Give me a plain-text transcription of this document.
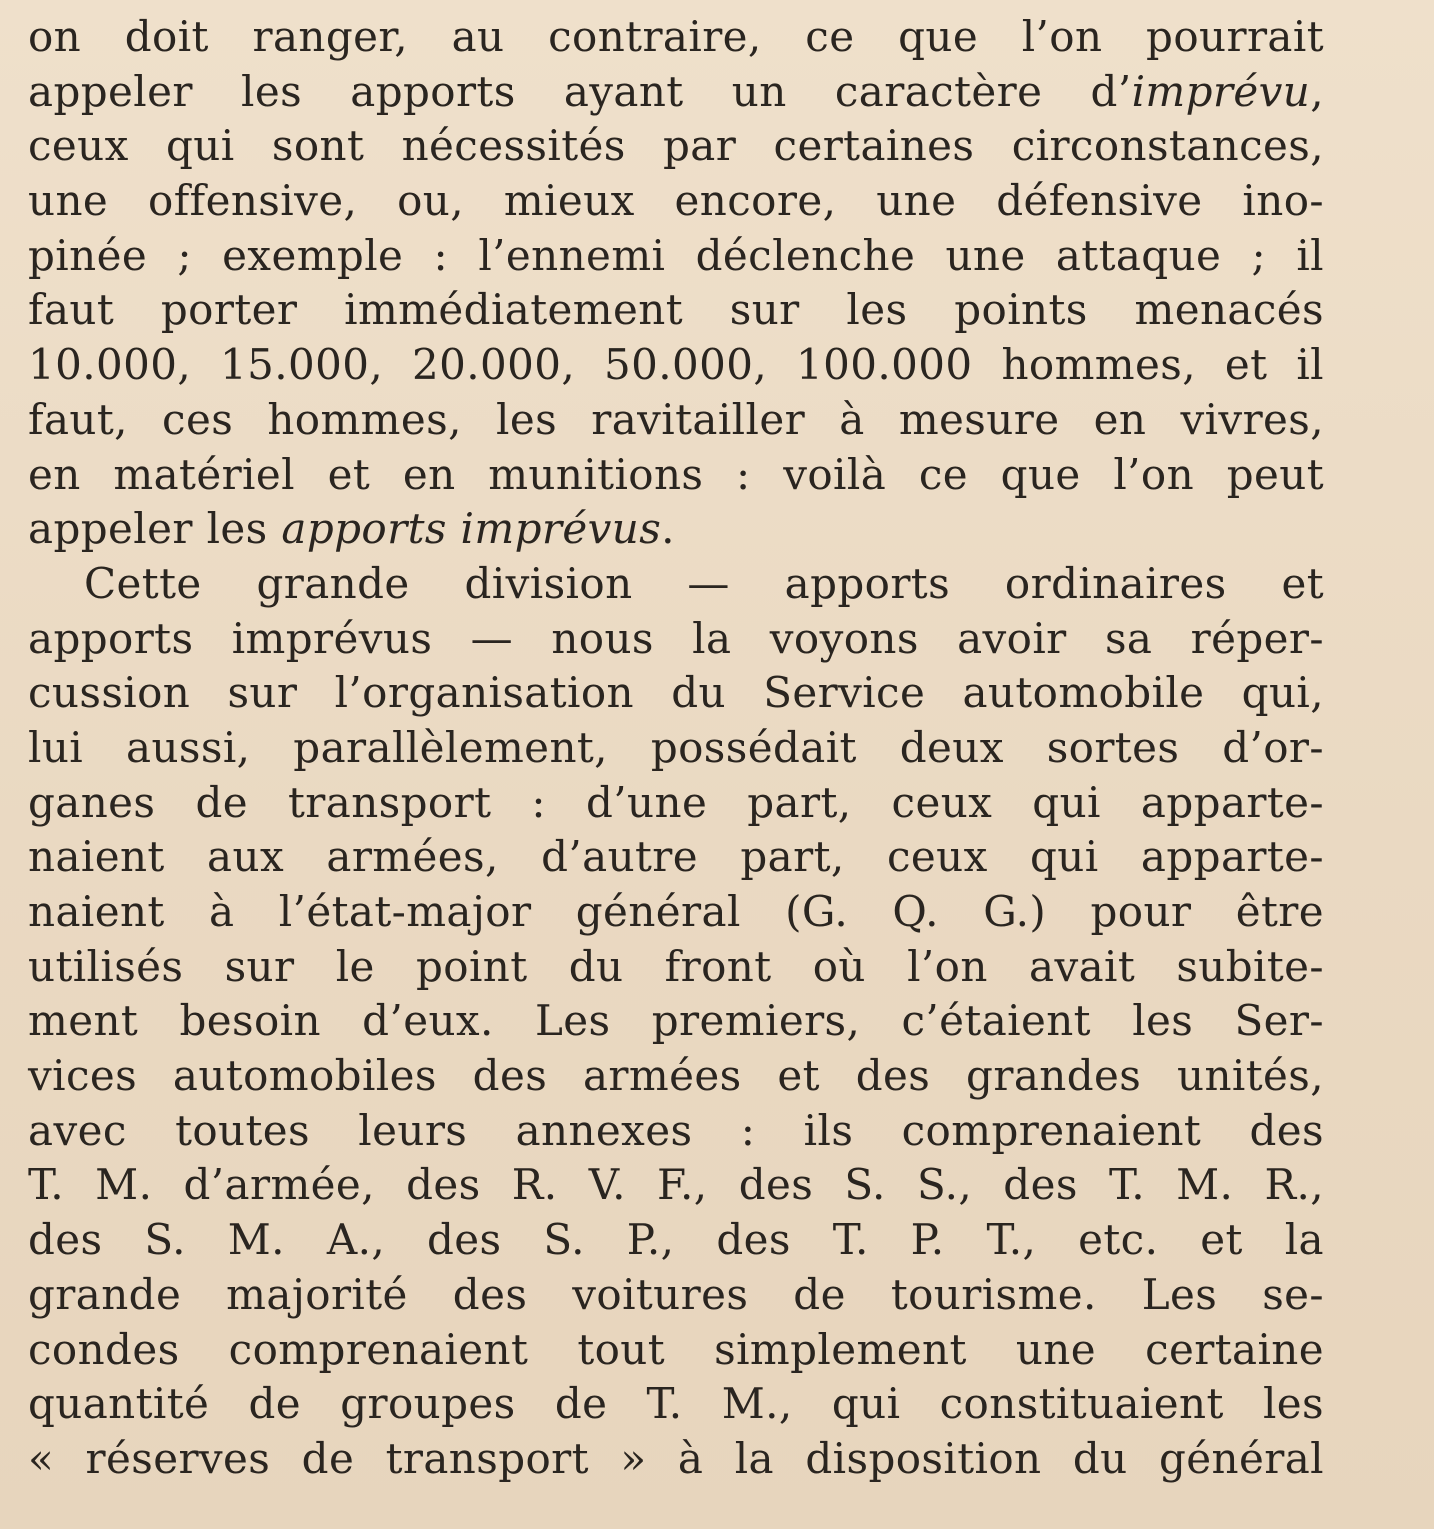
on doit ranger, au contraire, ce que l’on pourrait
appeler les apports ayant un caractère d’imprévu,
ceux qui sont nécessités par certaines circonstances,
une offensive, ou, mieux encore, une défensive ino-
pinée ; exemple : l’ennemi déclenche une attaque ; il
faut porter immédiatement sur les points menacés
10.000, 15.000, 20.000, 50.000, 100.000 hommes, et il
faut, ces hommes, les ravitailler à mesure en vivres,
en matériel et en munitions : voilà ce que l’on peut
appeler les apports imprévus.
Cette grande division — apports ordinaires et
apports imprévus — nous la voyons avoir sa réper-
cussion sur l’organisation du Service automobile qui,
lui aussi, parallèlement, possédait deux sortes d’or-
ganes de transport : d’une part, ceux qui apparte-
naient aux armées, d’autre part, ceux qui apparte-
naient à l’état-major général (G. Q. G.) pour être
utilisés sur le point du front où l’on avait subite-
ment besoin d’eux. Les premiers, c’étaient les Ser-
vices automobiles des armées et des grandes unités,
avec toutes leurs annexes : ils comprenaient des
T. M. d’armée, des R. V. F., des S. S., des T. M. R.,
des S. M. A., des S. P., des T. P. T., etc. et la
grande majorité des voitures de tourisme. Les se-
condes comprenaient tout simplement une certaine
quantité de groupes de T. M., qui constituaient les
« réserves de transport » à la disposition du général
